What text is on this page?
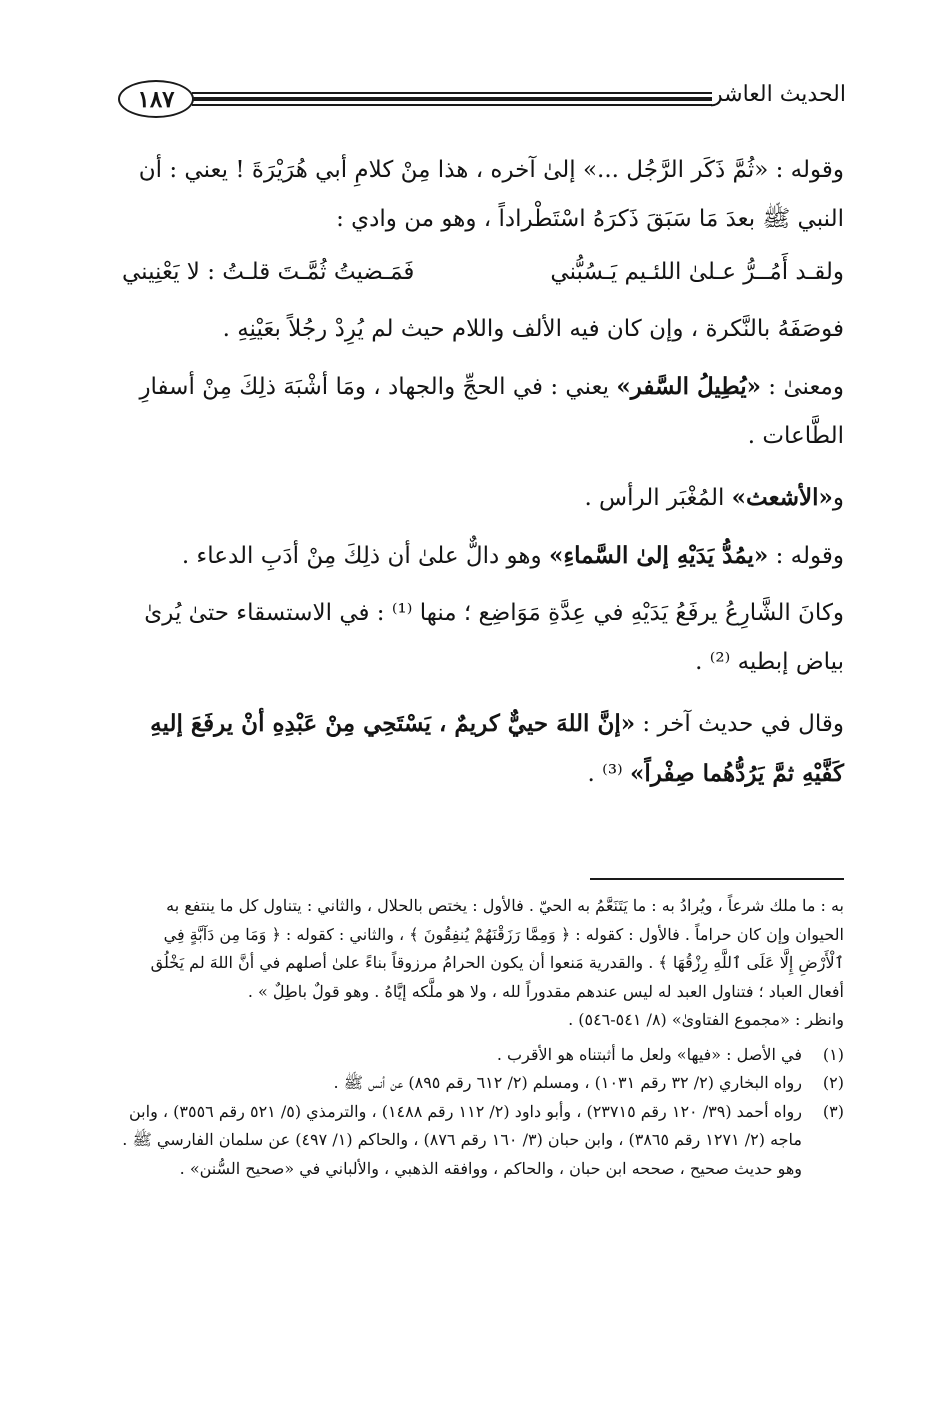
١٨٧	الحديث العاشر

وقوله : «ثُمَّ ذَكَر الرَّجُل ...» إلىٰ آخره ، هذا مِنْ كلامِ أبي هُرَيْرَةَ ! يعني : أن النبي ﷺ بعدَ مَا سَبَقَ ذَكرَهُ اسْتَطْراداً ، وهو من وادي :

ولقـد أَمُــرُّ عـلىٰ اللئـيم يَـسُبُّني
فَمَـضيتُ ثُمَّـتَ قلـتُ : لا يَعْنِيني

فوصَفَهُ بالنَّكرة ، وإن كان فيه الألف واللام حيث لم يُرِدْ رجُلاً بعَيْنِهِ .

ومعنىٰ : «يُطِيلُ السَّفر» يعني : في الحجِّ والجهاد ، ومَا أشْبَهَ ذلِكَ مِنْ أسفارِ الطَّاعات .

و«الأشعث» المُغْبَر الرأس .

وقوله : «يمُدُّ يَدَيْهِ إلىٰ السَّماءِ» وهو دالٌّ علىٰ أن ذلِكَ مِنْ أدَبِ الدعاء .

وكانَ الشَّارِعُ يرفَعُ يَدَيْهِ في عِدَّةِ مَوَاضِع ؛ منها ⁽¹⁾ : في الاستسقاء حتىٰ يُرىٰ بياض إبطيه ⁽²⁾ .

وقال في حديث آخر : «إنَّ اللهَ حييٌّ كريمٌ ، يَسْتَحِي مِنْ عَبْدِهِ أنْ يرفَعَ إليهِ كَفَّيْهِ ثمَّ يَرُدُّهُما صِفْراً» ⁽³⁾ .

به : ما ملك شرعاً ، ويُرادُ به : ما يَتَنَعَّمُ به الحيّ . فالأول : يختص بالحلال ، والثاني : يتناول كل ما ينتفع به الحيوان وإن كان حراماً . فالأول : كقوله : ﴿ وَمِمَّا رَزَقْنَهُمْ يُنفِقُونَ ﴾ ، والثاني : كقوله : ﴿ وَمَا مِن دَآبَّةٍ فِي ٱلْأَرْضِ إِلَّا عَلَى ٱللَّهِ رِزْقُهَا ﴾ . والقدرية مَنعوا أن يكون الحرامُ مرزوقاً بناءً علىٰ أصلهم في أنَّ اللهَ لم يَخْلُق أفعال العباد ؛ فتناول العبد له ليس عندهم مقدوراً لله ، ولا هو ملَّكه إيَّاهُ . وهو قولٌ باطِلٌ » .

وانظر : «مجموع الفتاوىٰ» (٨/ ٥٤١-٥٤٦) .

(١)
في الأصل : «فيها» ولعل ما أثبتناه هو الأقرب .
(٢)
رواه البخاري (٢/ ٣٢ رقم ١٠٣١) ، ومسلم (٢/ ٦١٢ رقم ٨٩٥) عن أنس ﷺ .
(٣)
رواه أحمد (٣٩/ ١٢٠ رقم ٢٣٧١٥) ، وأبو داود (٢/ ١١٢ رقم ١٤٨٨) ، والترمذي (٥/ ٥٢١ رقم ٣٥٥٦) ، وابن ماجه (٢/ ١٢٧١ رقم ٣٨٦٥) ، وابن حبان (٣/ ١٦٠ رقم ٨٧٦) ، والحاكم (١/ ٤٩٧) عن سلمان الفارسي ﷺ . وهو حديث صحيح ، صححه ابن حبان ، والحاكم ، ووافقه الذهبي ، والألباني في «صحيح السُّنن» .
